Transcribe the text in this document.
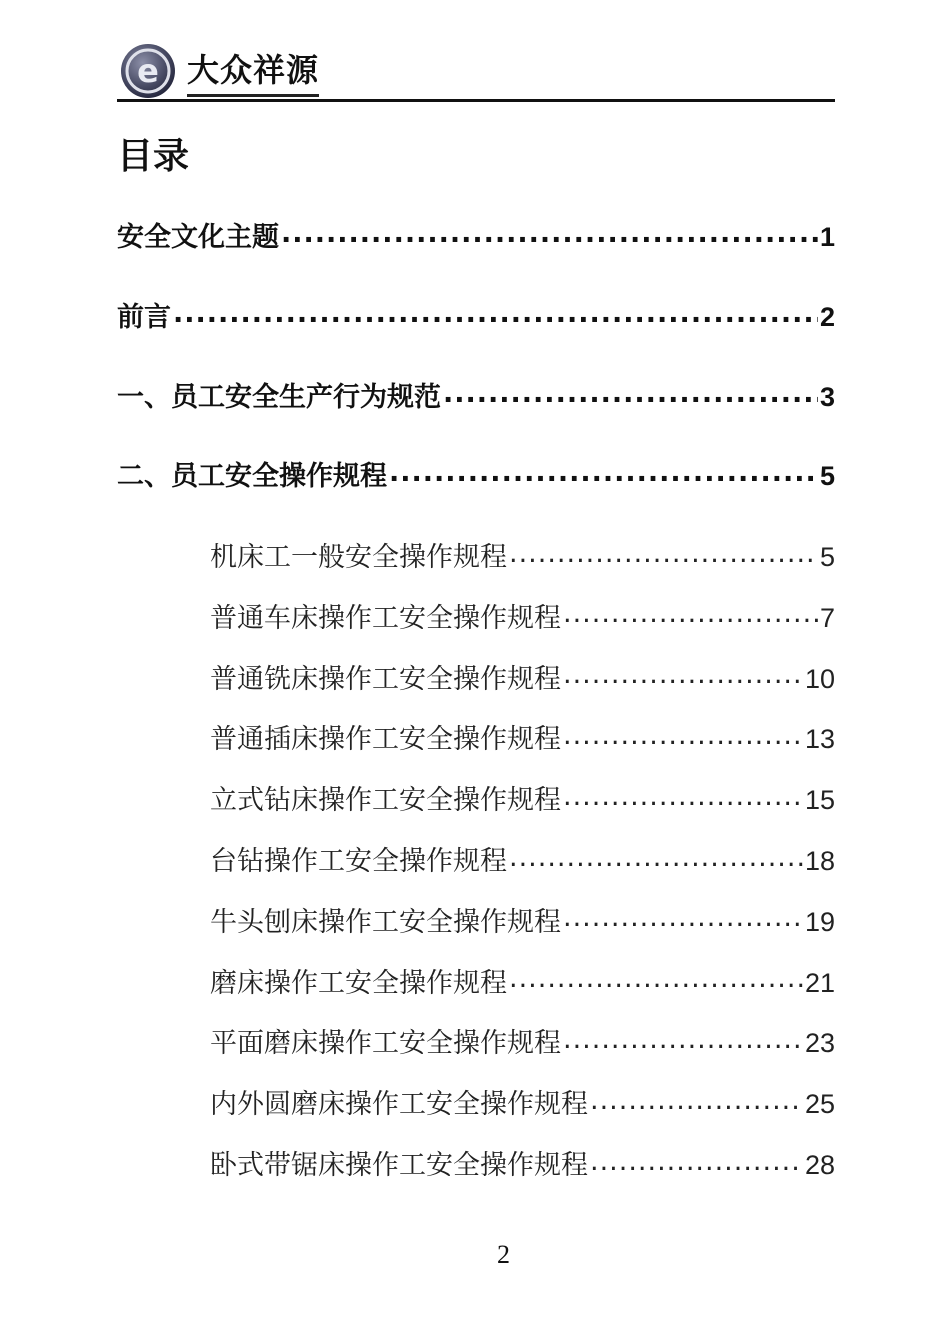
e 大众祥源
目录
安全文化主题 .....	1
前言 .....	2
一、员工安全生产行为规范 .....	3
二、员工安全操作规程 .....	5
机床工一般安全操作规程 .....	5
普通车床操作工安全操作规程 .....	7
普通铣床操作工安全操作规程 .....	10
普通插床操作工安全操作规程 .....	13
立式钻床操作工安全操作规程 .....	15
台钻操作工安全操作规程 .....	18
牛头刨床操作工安全操作规程 .....	19
磨床操作工安全操作规程 .....	21
平面磨床操作工安全操作规程 .....	23
内外圆磨床操作工安全操作规程 .....	25
卧式带锯床操作工安全操作规程 .....	28
2
